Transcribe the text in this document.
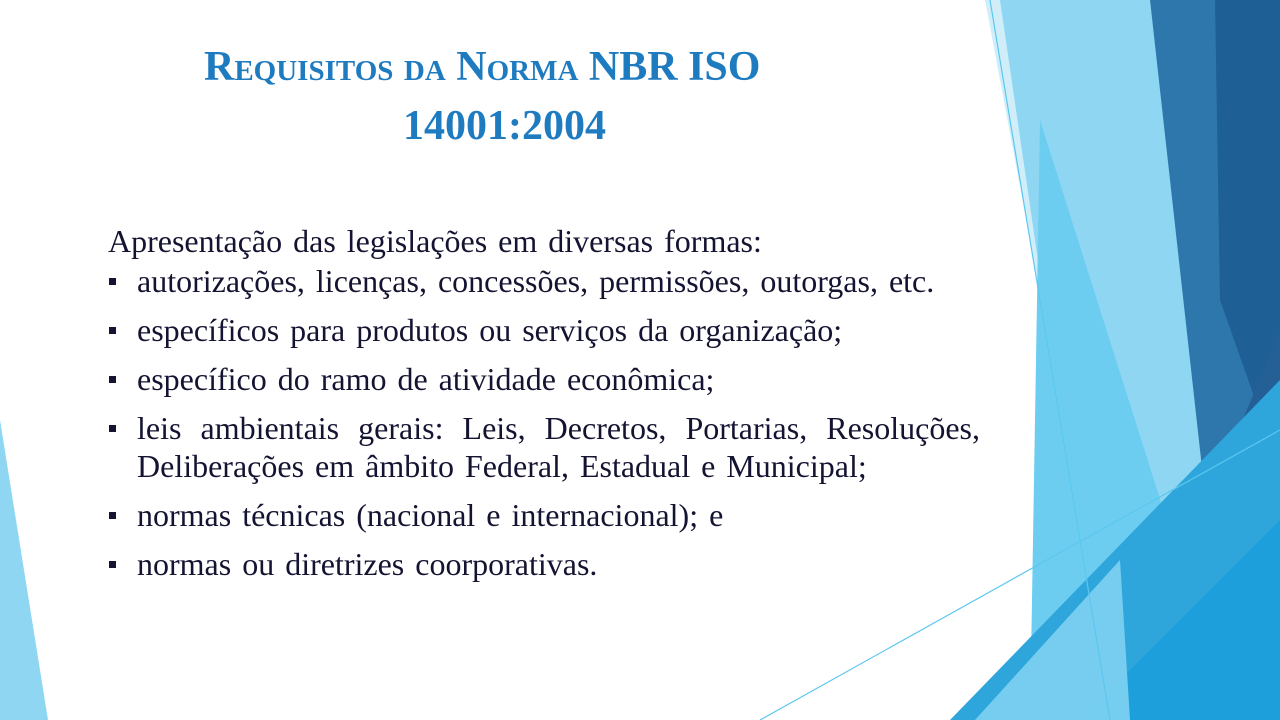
Requisitos da Norma NBR ISO
14001:2004

Apresentação das legislações em diversas formas:

autorizações, licenças, concessões, permissões, outorgas, etc.
específicos para produtos ou serviços da organização;
específico do ramo de atividade econômica;
leis ambientais gerais: Leis, Decretos, Portarias, Resoluções, Deliberações em âmbito Federal, Estadual e Municipal;
normas técnicas (nacional e internacional); e
normas ou diretrizes coorporativas.
